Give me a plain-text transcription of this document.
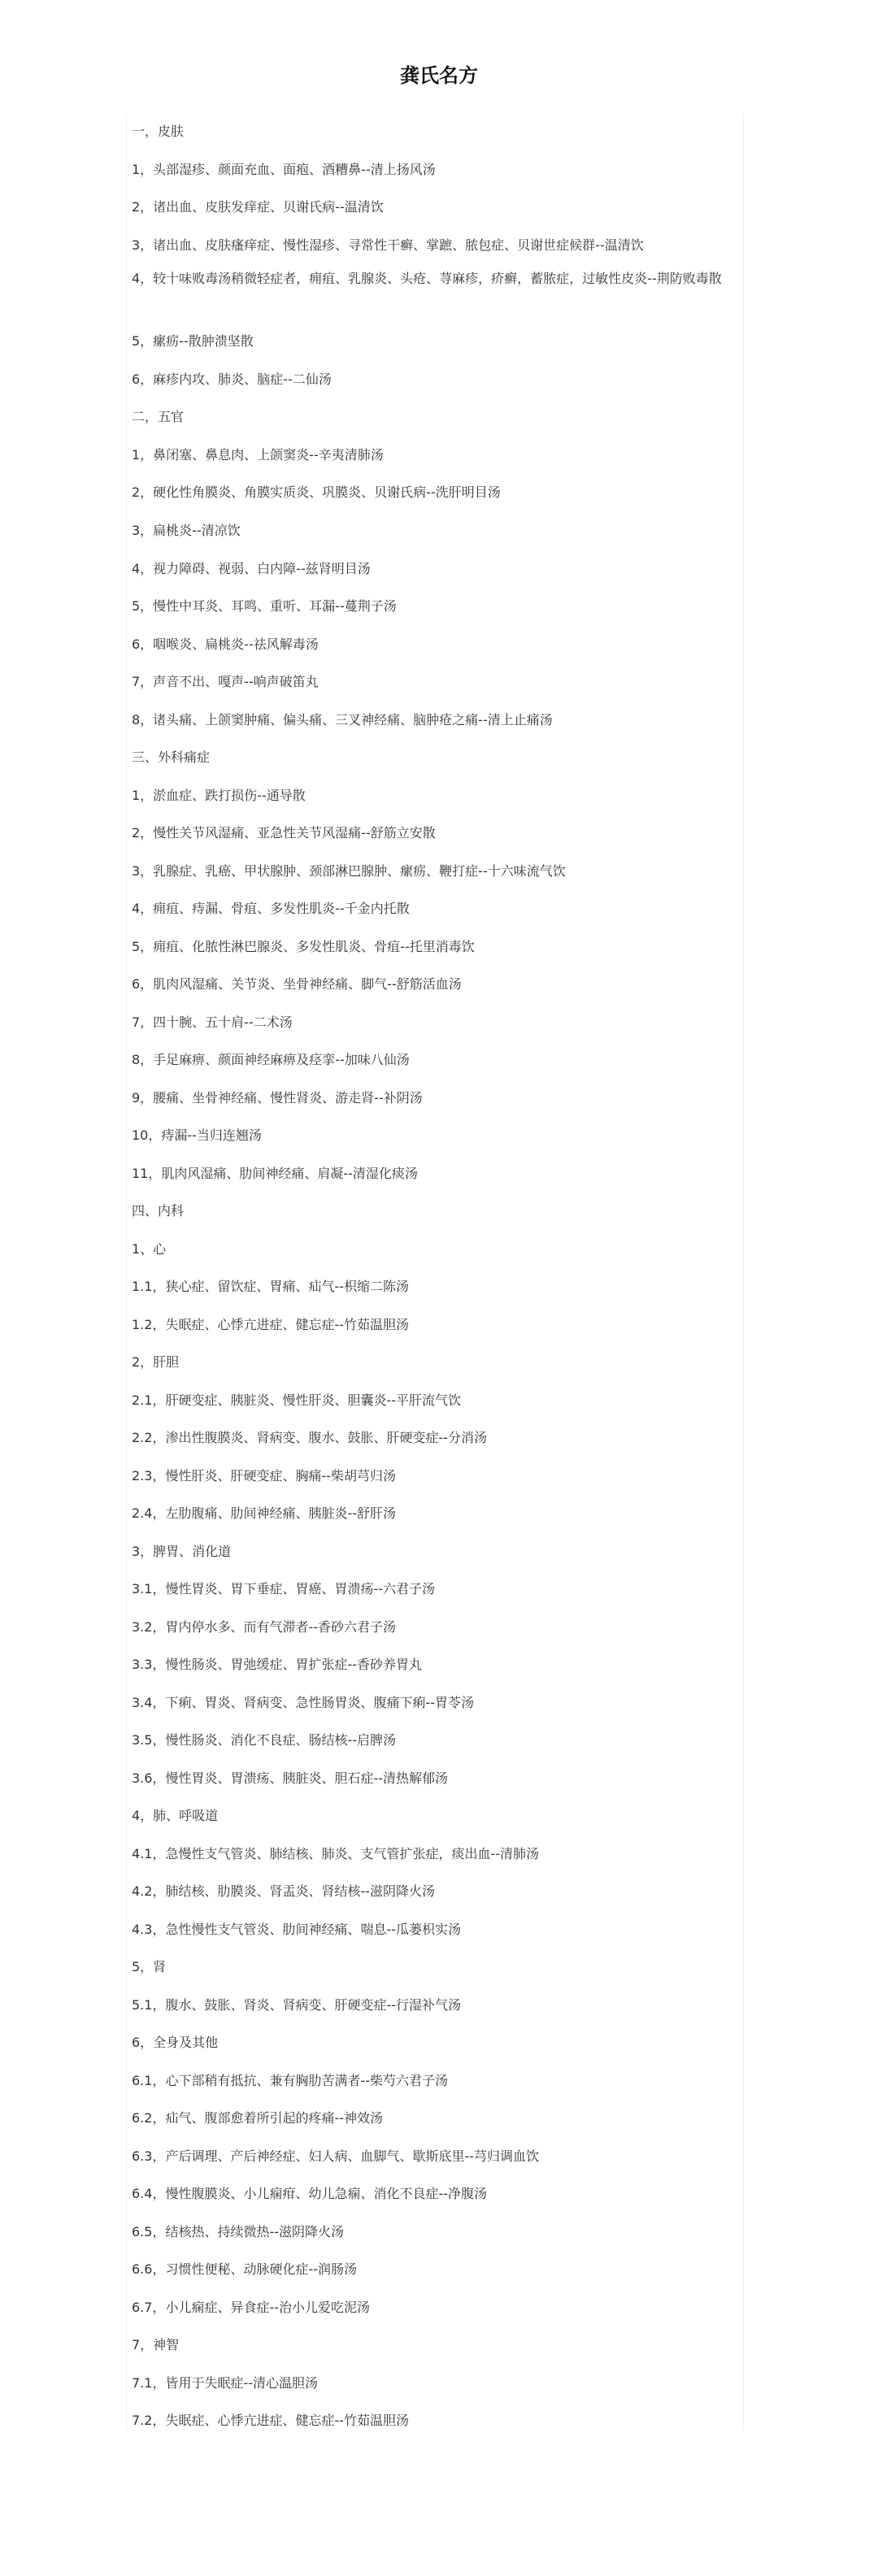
龚氏名方
一，皮肤
1，头部湿疹、颜面充血、面疱、酒糟鼻--清上扬风汤
2，诸出血、皮肤发痒症、贝谢氏病--温清饮
3，诸出血、皮肤瘙痒症、慢性湿疹、寻常性干癣、掌蹠、脓包症、贝谢世症候群--温清饮
4，较十味败毒汤稍微轻症者，痈疽、乳腺炎、头疮、荨麻疹，疥癣，蓄脓症，过敏性皮炎--荆防败毒散
5，瘰疬--散肿溃坚散
6，麻疹内攻、肺炎、脑症--二仙汤
二，五官
1，鼻闭塞、鼻息肉、上颌窦炎--辛夷清肺汤
2，硬化性角膜炎、角膜实质炎、巩膜炎、贝谢氏病--洗肝明目汤
3，扁桃炎--清凉饮
4，视力障碍、视弱、白内障--兹肾明目汤
5，慢性中耳炎、耳鸣、重听、耳漏--蔓荆子汤
6，咽喉炎、扁桃炎--祛风解毒汤
7，声音不出、嘎声--响声破笛丸
8，诸头痛、上颌窦肿痛、偏头痛、三叉神经痛、脑肿疮之痛--清上止痛汤
三、外科痛症
1，淤血症、跌打损伤--通导散
2，慢性关节风湿痛、亚急性关节风湿痛--舒筋立安散
3，乳腺症、乳癌、甲状腺肿、颈部淋巴腺肿、瘰疬、鞭打症--十六味流气饮
4，痈疽、痔漏、骨疽、多发性肌炎--千金内托散
5，痈疽、化脓性淋巴腺炎、多发性肌炎、骨疽--托里消毒饮
6，肌肉风湿痛、关节炎、坐骨神经痛、脚气--舒筋活血汤
7，四十腕、五十肩--二术汤
8，手足麻痹、颜面神经麻痹及痉挛--加味八仙汤
9，腰痛、坐骨神经痛、慢性肾炎、游走肾--补阴汤
10，痔漏--当归连翘汤
11，肌肉风湿痛、肋间神经痛、肩凝--清湿化痰汤
四、内科
1、心
1.1，狭心症、留饮症、胃痛、疝气--枳缩二陈汤
1.2，失眠症、心悸亢进症、健忘症--竹茹温胆汤
2，肝胆
2.1，肝硬变症、胰脏炎、慢性肝炎、胆囊炎--平肝流气饮
2.2，渗出性腹膜炎、肾病变、腹水、鼓胀、肝硬变症--分消汤
2.3，慢性肝炎、肝硬变症、胸痛--柴胡芎归汤
2.4，左肋腹痛、肋间神经痛、胰脏炎--舒肝汤
3，脾胃、消化道
3.1，慢性胃炎、胃下垂症、胃癌、胃溃疡--六君子汤
3.2，胃内停水多、而有气滞者--香砂六君子汤
3.3，慢性肠炎、胃弛缓症、胃扩张症--香砂养胃丸
3.4，下痢、胃炎、肾病变、急性肠胃炎、腹痛下痢--胃苓汤
3.5，慢性肠炎、消化不良症、肠结核--启脾汤
3.6，慢性胃炎、胃溃疡、胰脏炎、胆石症--清热解郁汤
4，肺、呼吸道
4.1，急慢性支气管炎、肺结核、肺炎、支气管扩张症，痰出血--清肺汤
4.2，肺结核、肋膜炎、肾盂炎、肾结核--滋阴降火汤
4.3，急性慢性支气管炎、肋间神经痛、喘息--瓜蒌枳实汤
5，肾
5.1，腹水、鼓胀、肾炎、肾病变、肝硬变症--行湿补气汤
6，全身及其他
6.1，心下部稍有抵抗、兼有胸肋苦满者--柴芍六君子汤
6.2，疝气、腹部愈着所引起的疼痛--神效汤
6.3，产后调理、产后神经症、妇人病、血脚气、歇斯底里--芎归调血饮
6.4，慢性腹膜炎、小儿痫疳、幼儿急痫、消化不良症--净腹汤
6.5，结核热、持续微热--滋阴降火汤
6.6，习惯性便秘、动脉硬化症--润肠汤
6.7，小儿痫症、异食症--治小儿爱吃泥汤
7，神智
7.1，皆用于失眠症--清心温胆汤
7.2，失眠症、心悸亢进症、健忘症--竹茹温胆汤
